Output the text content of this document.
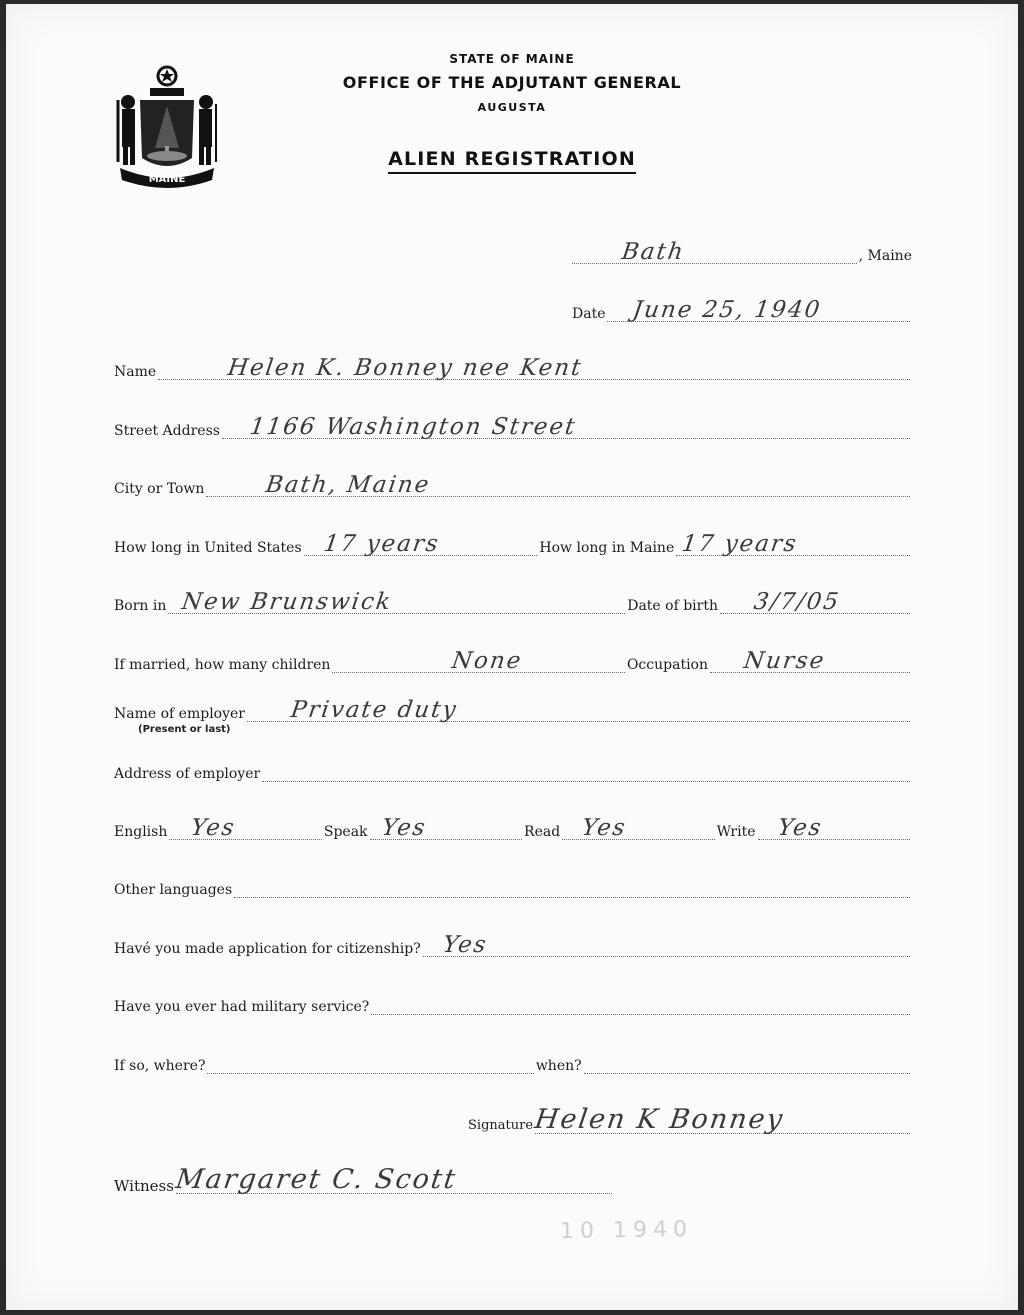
MAINE
STATE OF MAINE
OFFICE OF THE ADJUTANT GENERAL
AUGUSTA
ALIEN REGISTRATION
Bath	, Maine
Date June 25, 1940
Name	Helen K. Bonney nee Kent
Street Address 1166 Washington Street
City or Town	Bath, Maine
How long in United States 17 years	How long in Maine 17 years
Born in New Brunswick	Date of birth 3/7/05
If married, how many children	None	Occupation Nurse
Name of employer Private duty
(Present or last)
Address of employer
English Yes	Speak Yes	Read Yes	Write Yes
Other languages
Havé you made application for citizenship? Yes
Have you ever had military service?
If so, where?	when?
Signature Helen K Bonney
Witness Margaret C. Scott
10 1940
